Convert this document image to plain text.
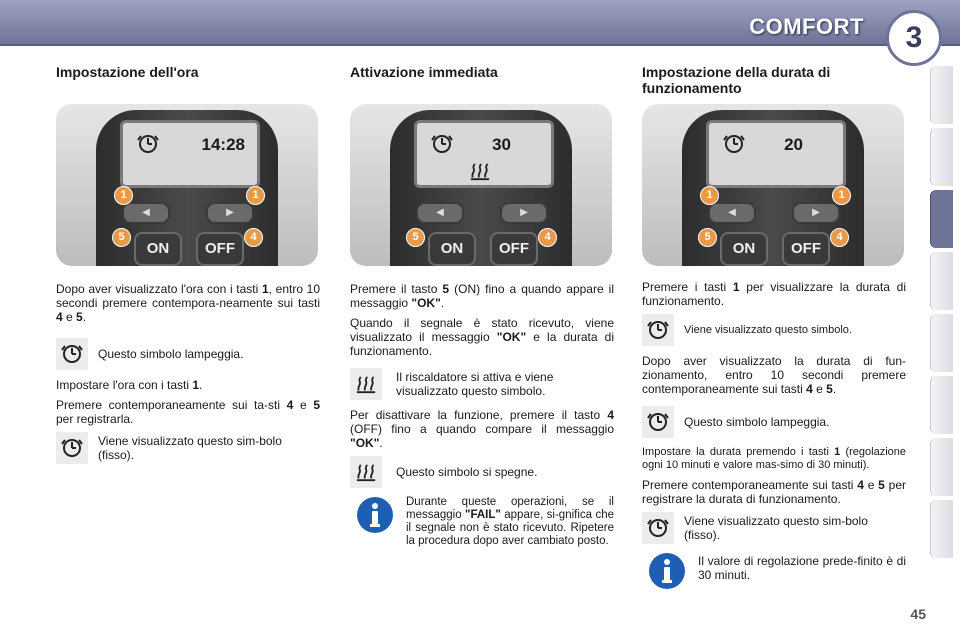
COMFORT	3
Impostazione dell'ora
14:28
◀	▶
ON	OFF
1	1
5	4

Dopo aver visualizzato l'ora con i tasti 1, entro 10 secondi premere contempora-neamente sui tasti 4 e 5.

Questo simbolo lampeggia.

Impostare l'ora con i tasti 1.

Premere contemporaneamente sui ta-sti 4 e 5 per registrarla.

Viene visualizzato questo sim-bolo (fisso).
Attivazione immediata
30
◀	▶
ON	OFF
5	4

Premere il tasto 5 (ON) fino a quando appare il messaggio "OK".

Quando il segnale è stato ricevuto, viene visualizzato il messaggio "OK" e la durata di funzionamento.

Il riscaldatore si attiva e viene visualizzato questo simbolo.

Per disattivare la funzione, premere il tasto 4 (OFF) fino a quando compare il messaggio "OK".

Questo simbolo si spegne.
Durante queste operazioni, se il messaggio "FAIL" appare, si-gnifica che il segnale non è stato ricevuto. Ripetere la procedura dopo aver cambiato posto.
Impostazione della durata di funzionamento
20
◀	▶
ON	OFF
1	1
5	4

Premere i tasti 1 per visualizzare la durata di funzionamento.

Viene visualizzato questo simbolo.

Dopo aver visualizzato la durata di fun-zionamento, entro 10 secondi premere contemporaneamente sui tasti 4 e 5.

Questo simbolo lampeggia.

Impostare la durata premendo i tasti 1 (regolazione ogni 10 minuti e valore mas-simo di 30 minuti).

Premere contemporaneamente sui tasti 4 e 5 per registrare la durata di funzionamento.

Viene visualizzato questo sim-bolo (fisso).
Il valore di regolazione prede-finito è di 30 minuti.
45
